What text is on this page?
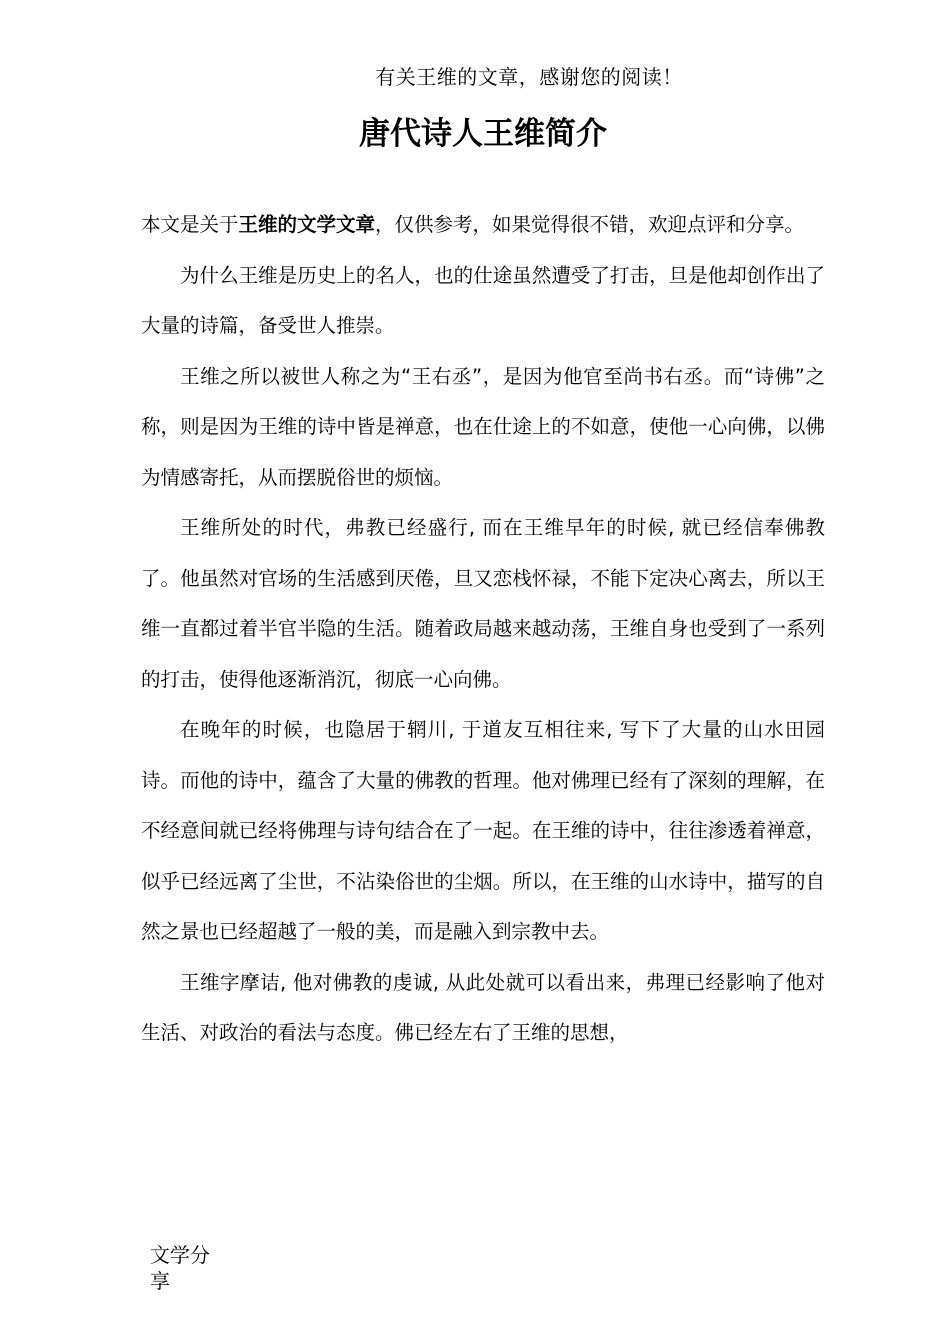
有关王维的文章，感谢您的阅读！
唐代诗人王维简介

本文是关于王维的文学文章，仅供参考，如果觉得很不错，欢迎点评和分享。

为什么王维是历史上的名人，也的仕途虽然遭受了打击，旦是他却创作出了大量的诗篇，备受世人推崇。

王维之所以被世人称之为“王右丞”，是因为他官至尚书右丞。而“诗佛”之称，则是因为王维的诗中皆是禅意，也在仕途上的不如意，使他一心向佛，以佛为情感寄托，从而摆脱俗世的烦恼。

王维所处的时代，弗教已经盛行, 而在王维早年的时候, 就已经信奉佛教了。他虽然对官场的生活感到厌倦，旦又恋栈怀禄，不能下定决心离去，所以王维一直都过着半官半隐的生活。随着政局越来越动荡，王维自身也受到了一系列的打击，使得他逐渐消沉，彻底一心向佛。

在晚年的时候，也隐居于辋川, 于道友互相往来, 写下了大量的山水田园诗。而他的诗中，蕴含了大量的佛教的哲理。他对佛理已经有了深刻的理解，在不经意间就已经将佛理与诗句结合在了一起。在王维的诗中，往往渗透着禅意，似乎已经远离了尘世，不沾染俗世的尘烟。所以，在王维的山水诗中，描写的自然之景也已经超越了一般的美，而是融入到宗教中去。

王维字摩诘, 他对佛教的虔诚, 从此处就可以看出来，弗理已经影响了他对生活、对政治的看法与态度。佛已经左右了王维的思想，

文学分享
